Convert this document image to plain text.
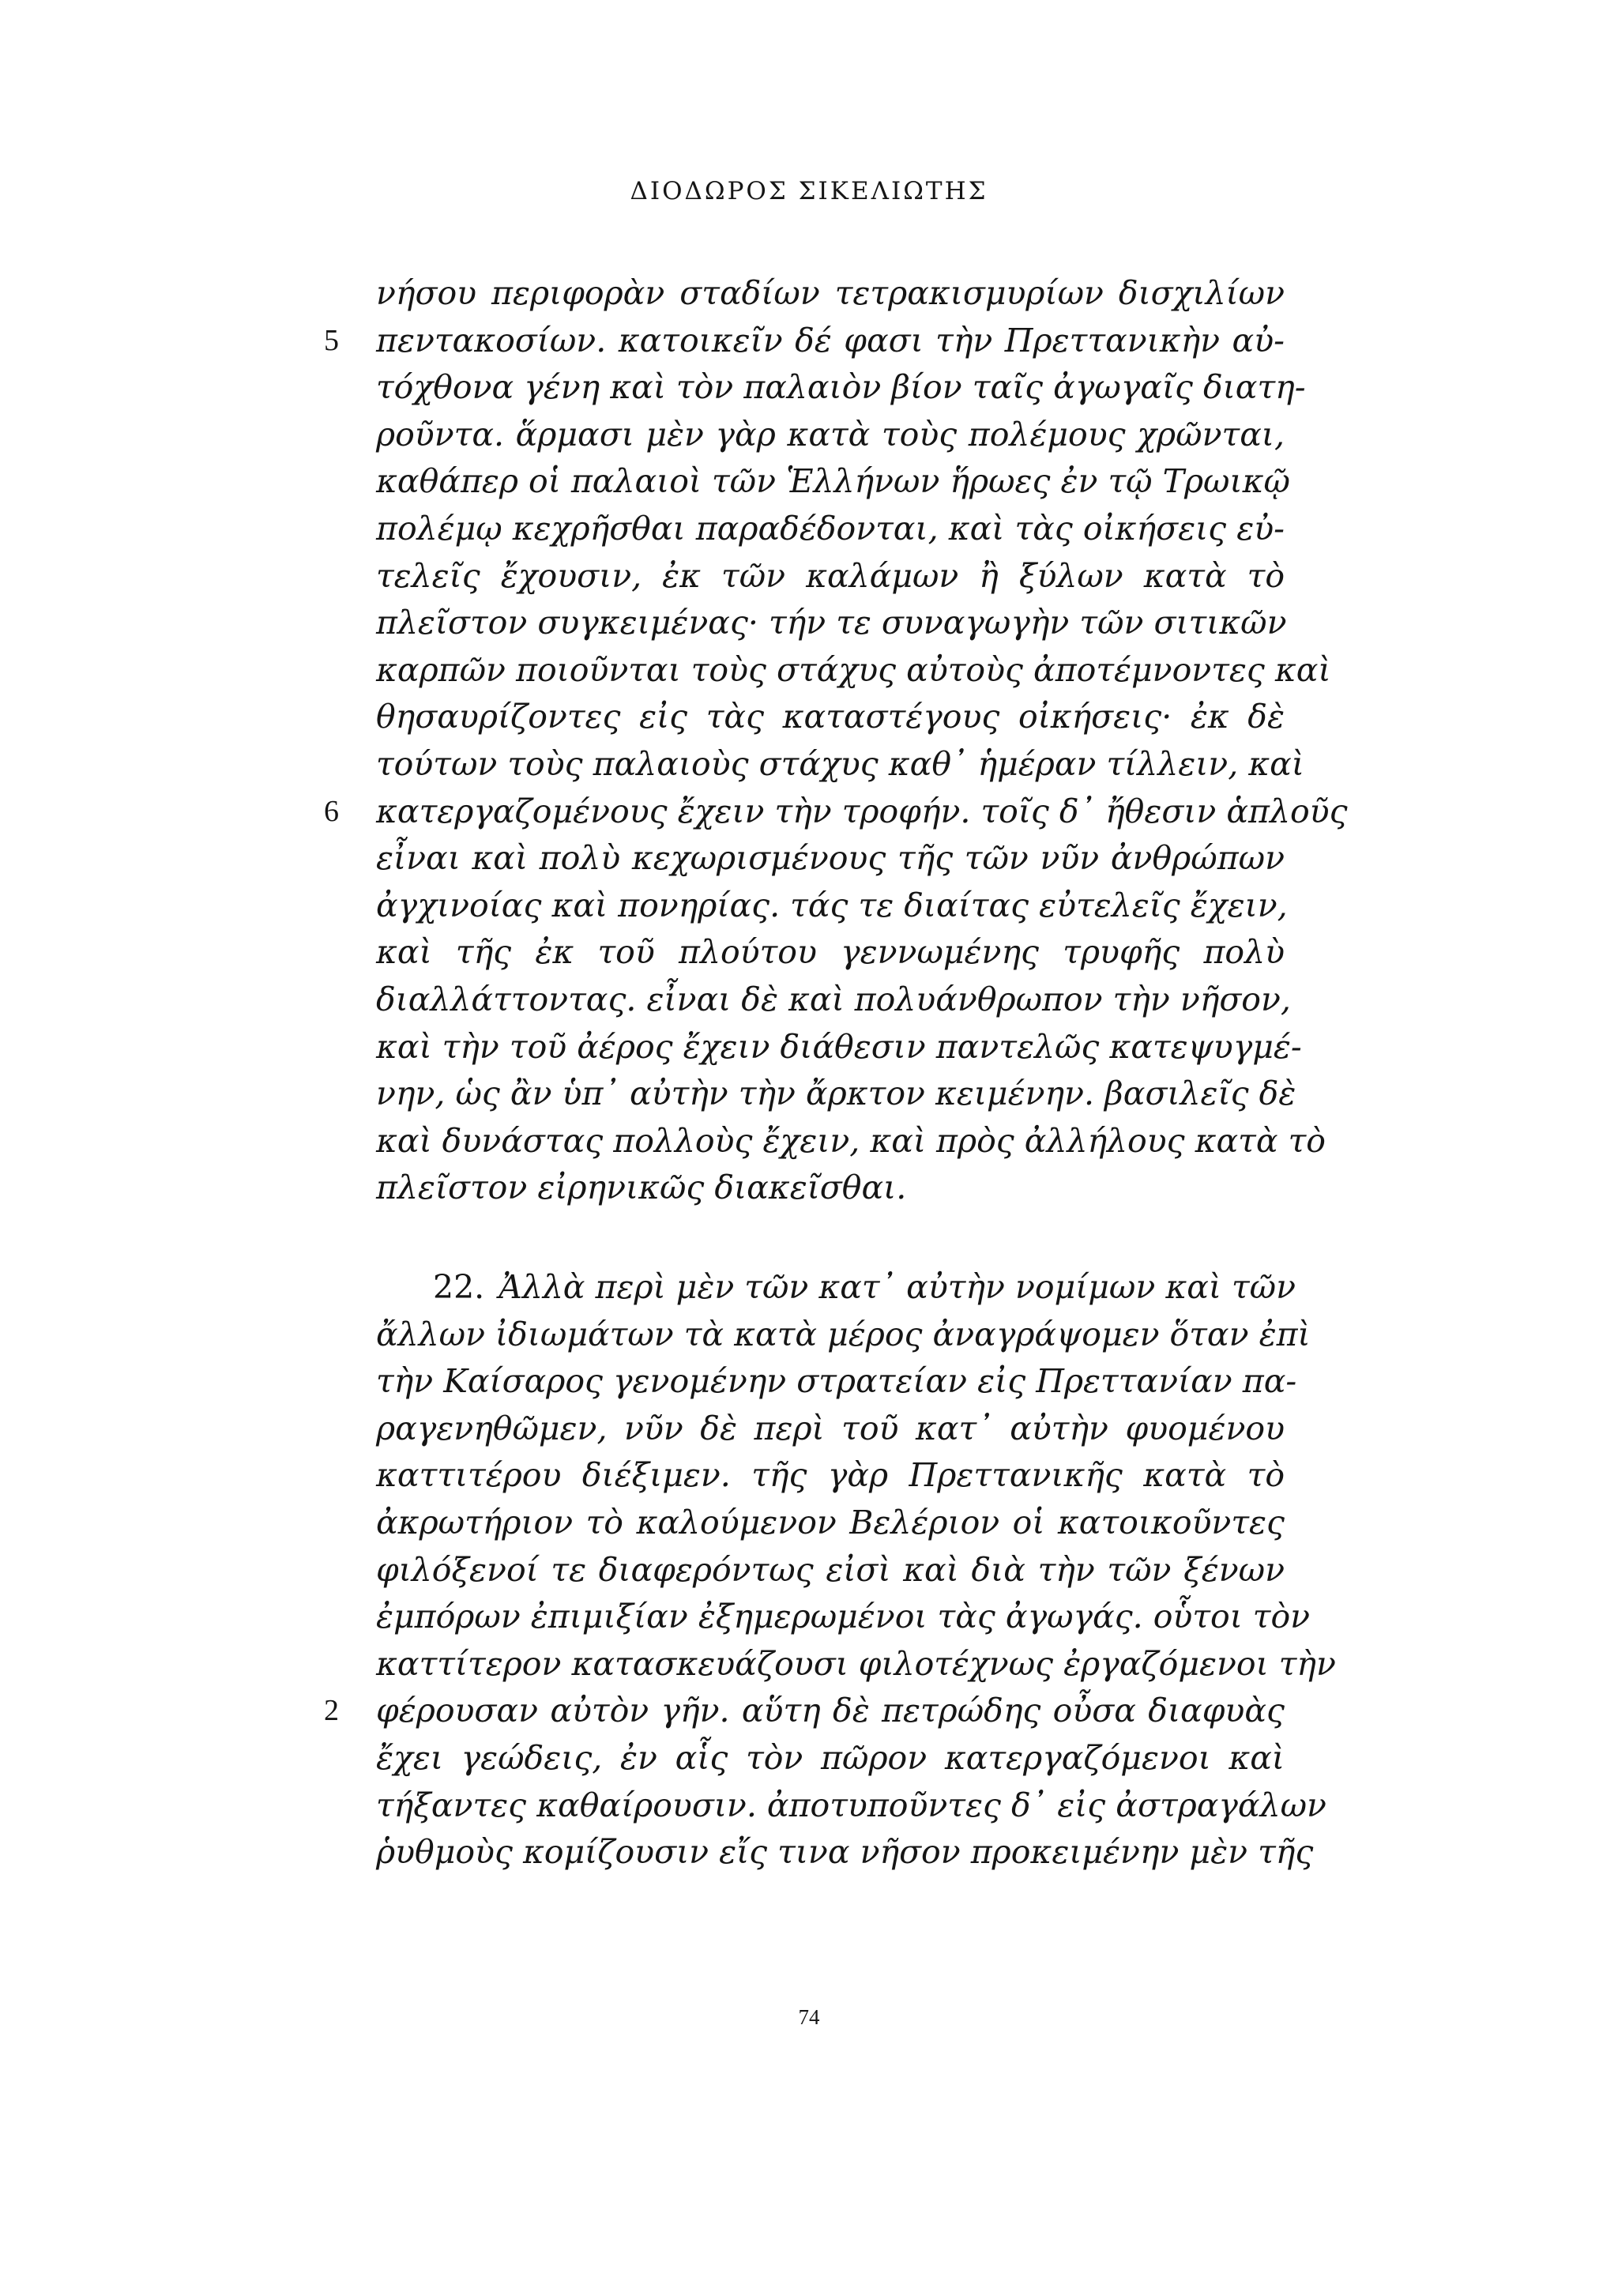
ΔΙΟΔΩΡΟΣ ΣΙΚΕΛΙΩΤΗΣ
νήσου περιφορὰν σταδίων τετρακισμυρίων δισχιλίων
5 πεντακοσίων. κατοικεῖν δέ φασι τὴν Πρεττανικὴν αὐ-
τόχθονα γένη καὶ τὸν παλαιὸν βίον ταῖς ἀγωγαῖς διατη-
ροῦντα. ἅρμασι μὲν γὰρ κατὰ τοὺς πολέμους χρῶνται,
καθάπερ οἱ παλαιοὶ τῶν Ἑλλήνων ἥρωες ἐν τῷ Τρωικῷ
πολέμῳ κεχρῆσθαι παραδέδονται, καὶ τὰς οἰκήσεις εὐ-
τελεῖς ἔχουσιν, ἐκ τῶν καλάμων ἢ ξύλων κατὰ τὸ
πλεῖστον συγκειμένας· τήν τε συναγωγὴν τῶν σιτικῶν
καρπῶν ποιοῦνται τοὺς στάχυς αὐτοὺς ἀποτέμνοντες καὶ
θησαυρίζοντες εἰς τὰς καταστέγους οἰκήσεις· ἐκ δὲ
τούτων τοὺς παλαιοὺς στάχυς καθ᾽ ἡμέραν τίλλειν, καὶ
6 κατεργαζομένους ἔχειν τὴν τροφήν. τοῖς δ᾽ ἤθεσιν ἁπλοῦς
εἶναι καὶ πολὺ κεχωρισμένους τῆς τῶν νῦν ἀνθρώπων
ἀγχινοίας καὶ πονηρίας. τάς τε διαίτας εὐτελεῖς ἔχειν,
καὶ τῆς ἐκ τοῦ πλούτου γεννωμένης τρυφῆς πολὺ
διαλλάττοντας. εἶναι δὲ καὶ πολυάνθρωπον τὴν νῆσον,
καὶ τὴν τοῦ ἀέρος ἔχειν διάθεσιν παντελῶς κατεψυγμέ-
νην, ὡς ἂν ὑπ᾽ αὐτὴν τὴν ἄρκτον κειμένην. βασιλεῖς δὲ
καὶ δυνάστας πολλοὺς ἔχειν, καὶ πρὸς ἀλλήλους κατὰ τὸ
πλεῖστον εἰρηνικῶς διακεῖσθαι.
22. Ἀλλὰ περὶ μὲν τῶν κατ᾽ αὐτὴν νομίμων καὶ τῶν
ἄλλων ἰδιωμάτων τὰ κατὰ μέρος ἀναγράψομεν ὅταν ἐπὶ
τὴν Καίσαρος γενομένην στρατείαν εἰς Πρεττανίαν πα-
ραγενηθῶμεν, νῦν δὲ περὶ τοῦ κατ᾽ αὐτὴν φυομένου
καττιτέρου διέξιμεν. τῆς γὰρ Πρεττανικῆς κατὰ τὸ
ἀκρωτήριον τὸ καλούμενον Βελέριον οἱ κατοικοῦντες
φιλόξενοί τε διαφερόντως εἰσὶ καὶ διὰ τὴν τῶν ξένων
ἐμπόρων ἐπιμιξίαν ἐξημερωμένοι τὰς ἀγωγάς. οὗτοι τὸν
καττίτερον κατασκευάζουσι φιλοτέχνως ἐργαζόμενοι τὴν
2 φέρουσαν αὐτὸν γῆν. αὕτη δὲ πετρώδης οὖσα διαφυὰς
ἔχει γεώδεις, ἐν αἷς τὸν πῶρον κατεργαζόμενοι καὶ
τήξαντες καθαίρουσιν. ἀποτυποῦντες δ᾽ εἰς ἀστραγάλων
ῥυθμοὺς κομίζουσιν εἴς τινα νῆσον προκειμένην μὲν τῆς
74
